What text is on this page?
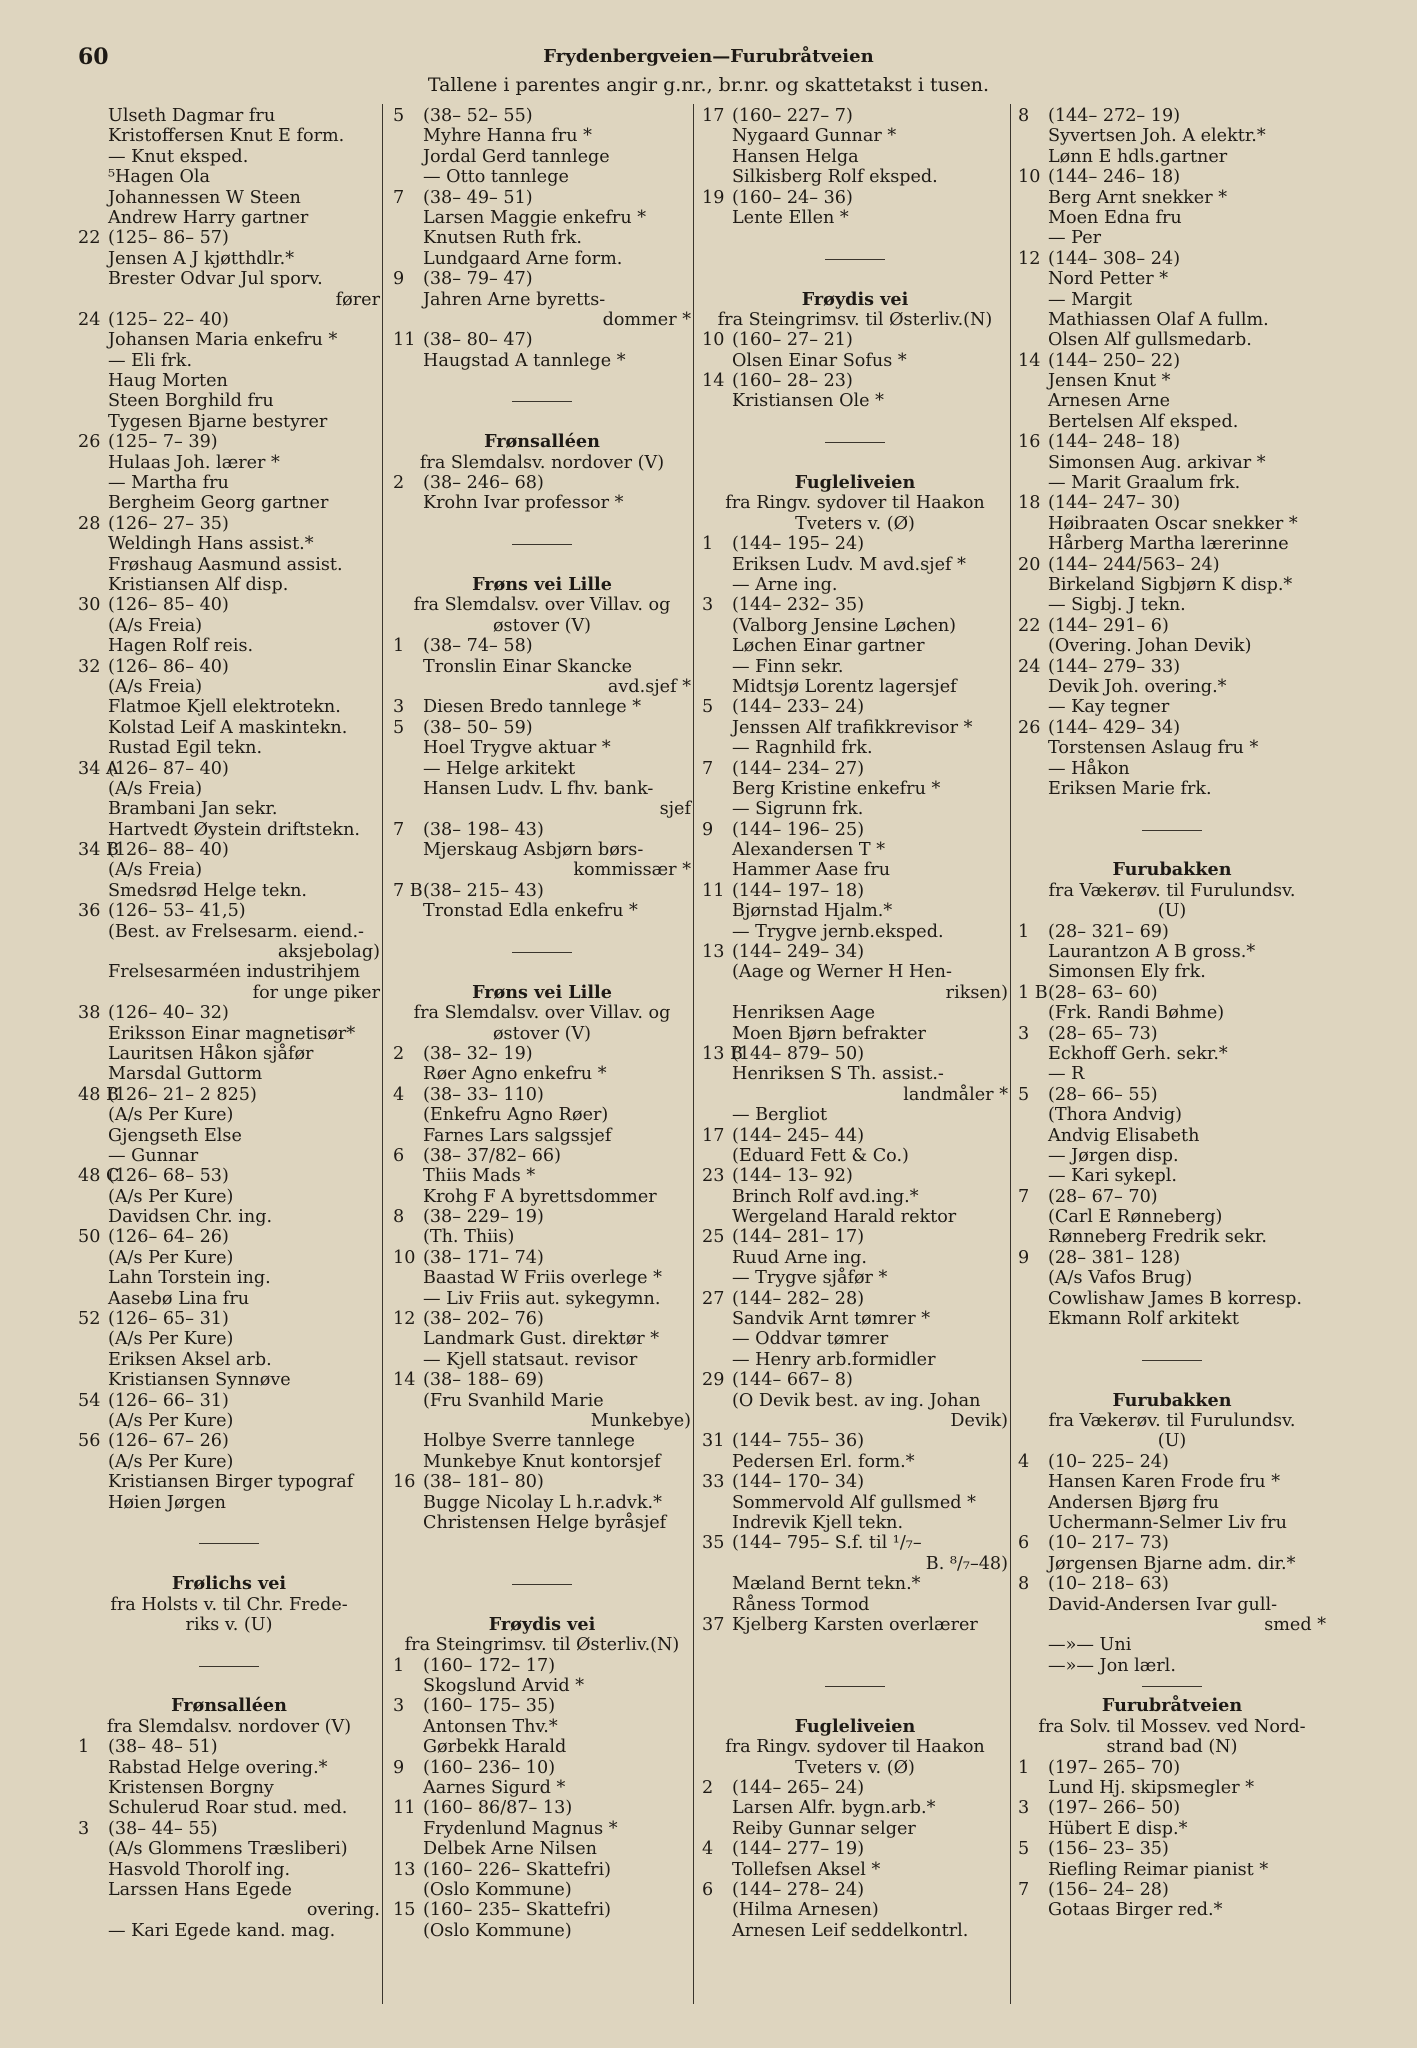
60	Frydenbergveien—Furubråtveien
Tallene i parentes angir g.nr., br.nr. og skattetakst i tusen.
Ulseth Dagmar fru
Kristoffersen Knut E form.
— Knut eksped.
⁵Hagen Ola
Johannessen W Steen
Andrew Harry gartner
22 (125– 86– 57)
Jensen A J kjøtthdlr.*
Brester Odvar Jul sporv.
fører
24 (125– 22– 40)
Johansen Maria enkefru *
— Eli frk.
Haug Morten
Steen Borghild fru
Tygesen Bjarne bestyrer
26 (125– 7– 39)
Hulaas Joh. lærer *
— Martha fru
Bergheim Georg gartner
28 (126– 27– 35)
Weldingh Hans assist.*
Frøshaug Aasmund assist.
Kristiansen Alf disp.
30 (126– 85– 40)
(A/s Freia)
Hagen Rolf reis.
32 (126– 86– 40)
(A/s Freia)
Flatmoe Kjell elektrotekn.
Kolstad Leif A maskintekn.
Rustad Egil tekn.
34 A
(126– 87– 40)
(A/s Freia)
Brambani Jan sekr.
Hartvedt Øystein driftstekn.
34 B
(126– 88– 40)
(A/s Freia)
Smedsrød Helge tekn.
36 (126– 53– 41,5)
(Best. av Frelsesarm. eiend.-
aksjebolag)
Frelsesarméen industrihjem
for unge piker
38 (126– 40– 32)
Eriksson Einar magnetisør*
Lauritsen Håkon sjåfør
Marsdal Guttorm
48 B
(126– 21– 2 825)
(A/s Per Kure)
Gjengseth Else
— Gunnar
48 C
(126– 68– 53)
(A/s Per Kure)
Davidsen Chr. ing.
50 (126– 64– 26)
(A/s Per Kure)
Lahn Torstein ing.
Aasebø Lina fru
52 (126– 65– 31)
(A/s Per Kure)
Eriksen Aksel arb.
Kristiansen Synnøve
54 (126– 66– 31)
(A/s Per Kure)
56 (126– 67– 26)
(A/s Per Kure)
Kristiansen Birger typograf
Høien Jørgen
Frølichs vei
fra Holsts v. til Chr. Frede-
riks v. (U)
Frønsalléen
fra Slemdalsv. nordover (V)
1 (38– 48– 51)
Rabstad Helge overing.*
Kristensen Borgny
Schulerud Roar stud. med.
3 (38– 44– 55)
(A/s Glommens Træsliberi)
Hasvold Thorolf ing.
Larssen Hans Egede
overing.
— Kari Egede kand. mag.
5 (38– 52– 55)
Myhre Hanna fru *
Jordal Gerd tannlege
— Otto tannlege
7 (38– 49– 51)
Larsen Maggie enkefru *
Knutsen Ruth frk.
Lundgaard Arne form.
9 (38– 79– 47)
Jahren Arne byretts-
dommer *
11 (38– 80– 47)
Haugstad A tannlege *
Frønsalléen
fra Slemdalsv. nordover (V)
2 (38– 246– 68)
Krohn Ivar professor *
Frøns vei Lille
fra Slemdalsv. over Villav. og
østover (V)
1 (38– 74– 58)
Tronslin Einar Skancke
avd.sjef *
3 Diesen Bredo tannlege *
5 (38– 50– 59)
Hoel Trygve aktuar *
— Helge arkitekt
Hansen Ludv. L fhv. bank-
sjef
7 (38– 198– 43)
Mjerskaug Asbjørn børs-
kommissær *
7 B (38– 215– 43)
Tronstad Edla enkefru *
Frøns vei Lille
fra Slemdalsv. over Villav. og
østover (V)
2 (38– 32– 19)
Røer Agno enkefru *
4 (38– 33– 110)
(Enkefru Agno Røer)
Farnes Lars salgssjef
6 (38– 37/82– 66)
Thiis Mads *
Krohg F A byrettsdommer
8 (38– 229– 19)
(Th. Thiis)
10 (38– 171– 74)
Baastad W Friis overlege *
— Liv Friis aut. sykegymn.
12 (38– 202– 76)
Landmark Gust. direktør *
— Kjell statsaut. revisor
14 (38– 188– 69)
(Fru Svanhild Marie
Munkebye)
Holbye Sverre tannlege
Munkebye Knut kontorsjef
16 (38– 181– 80)
Bugge Nicolay L h.r.advk.*
Christensen Helge byråsjef
Frøydis vei
fra Steingrimsv. til Østerliv.(N)
1 (160– 172– 17)
Skogslund Arvid *
3 (160– 175– 35)
Antonsen Thv.*
Gørbekk Harald
9 (160– 236– 10)
Aarnes Sigurd *
11 (160– 86/87– 13)
Frydenlund Magnus *
Delbek Arne Nilsen
13 (160– 226– Skattefri)
(Oslo Kommune)
15 (160– 235– Skattefri)
(Oslo Kommune)
17 (160– 227– 7)
Nygaard Gunnar *
Hansen Helga
Silkisberg Rolf eksped.
19 (160– 24– 36)
Lente Ellen *
Frøydis vei
fra Steingrimsv. til Østerliv.(N)
10 (160– 27– 21)
Olsen Einar Sofus *
14 (160– 28– 23)
Kristiansen Ole *
Fugleliveien
fra Ringv. sydover til Haakon
Tveters v. (Ø)
1 (144– 195– 24)
Eriksen Ludv. M avd.sjef *
— Arne ing.
3 (144– 232– 35)
(Valborg Jensine Løchen)
Løchen Einar gartner
— Finn sekr.
Midtsjø Lorentz lagersjef
5 (144– 233– 24)
Jenssen Alf trafikkrevisor *
— Ragnhild frk.
7 (144– 234– 27)
Berg Kristine enkefru *
— Sigrunn frk.
9 (144– 196– 25)
Alexandersen T *
Hammer Aase fru
11 (144– 197– 18)
Bjørnstad Hjalm.*
— Trygve jernb.eksped.
13 (144– 249– 34)
(Aage og Werner H Hen-
riksen)
Henriksen Aage
Moen Bjørn befrakter
13 B
(144– 879– 50)
Henriksen S Th. assist.-
landmåler *
— Bergliot
17 (144– 245– 44)
(Eduard Fett & Co.)
23 (144– 13– 92)
Brinch Rolf avd.ing.*
Wergeland Harald rektor
25 (144– 281– 17)
Ruud Arne ing.
— Trygve sjåfør *
27 (144– 282– 28)
Sandvik Arnt tømrer *
— Oddvar tømrer
— Henry arb.formidler
29 (144– 667– 8)
(O Devik best. av ing. Johan
Devik)
31 (144– 755– 36)
Pedersen Erl. form.*
33 (144– 170– 34)
Sommervold Alf gullsmed *
Indrevik Kjell tekn.
35 (144– 795– S.f. til ¹/₇–
B. ⁸/₇–48)
Mæland Bernt tekn.*
Råness Tormod
37 Kjelberg Karsten overlærer
Fugleliveien
fra Ringv. sydover til Haakon
Tveters v. (Ø)
2 (144– 265– 24)
Larsen Alfr. bygn.arb.*
Reiby Gunnar selger
4 (144– 277– 19)
Tollefsen Aksel *
6 (144– 278– 24)
(Hilma Arnesen)
Arnesen Leif seddelkontrl.
8 (144– 272– 19)
Syvertsen Joh. A elektr.*
Lønn E hdls.gartner
10 (144– 246– 18)
Berg Arnt snekker *
Moen Edna fru
— Per
12 (144– 308– 24)
Nord Petter *
— Margit
Mathiassen Olaf A fullm.
Olsen Alf gullsmedarb.
14 (144– 250– 22)
Jensen Knut *
Arnesen Arne
Bertelsen Alf eksped.
16 (144– 248– 18)
Simonsen Aug. arkivar *
— Marit Graalum frk.
18 (144– 247– 30)
Høibraaten Oscar snekker *
Hårberg Martha lærerinne
20 (144– 244/563– 24)
Birkeland Sigbjørn K disp.*
— Sigbj. J tekn.
22 (144– 291– 6)
(Overing. Johan Devik)
24 (144– 279– 33)
Devik Joh. overing.*
— Kay tegner
26 (144– 429– 34)
Torstensen Aslaug fru *
— Håkon
Eriksen Marie frk.
Furubakken
fra Vækerøv. til Furulundsv.
(U)
1 (28– 321– 69)
Laurantzon A B gross.*
Simonsen Ely frk.
1 B (28– 63– 60)
(Frk. Randi Bøhme)
3 (28– 65– 73)
Eckhoff Gerh. sekr.*
— R
5 (28– 66– 55)
(Thora Andvig)
Andvig Elisabeth
— Jørgen disp.
— Kari sykepl.
7 (28– 67– 70)
(Carl E Rønneberg)
Rønneberg Fredrik sekr.
9 (28– 381– 128)
(A/s Vafos Brug)
Cowlishaw James B korresp.
Ekmann Rolf arkitekt
Furubakken
fra Vækerøv. til Furulundsv.
(U)
4 (10– 225– 24)
Hansen Karen Frode fru *
Andersen Bjørg fru
Uchermann-Selmer Liv fru
6 (10– 217– 73)
Jørgensen Bjarne adm. dir.*
8 (10– 218– 63)
David-Andersen Ivar gull-
smed *
—»— Uni
—»— Jon lærl.
Furubråtveien
fra Solv. til Mossev. ved Nord-
strand bad (N)
1 (197– 265– 70)
Lund Hj. skipsmegler *
3 (197– 266– 50)
Hübert E disp.*
5 (156– 23– 35)
Riefling Reimar pianist *
7 (156– 24– 28)
Gotaas Birger red.*
